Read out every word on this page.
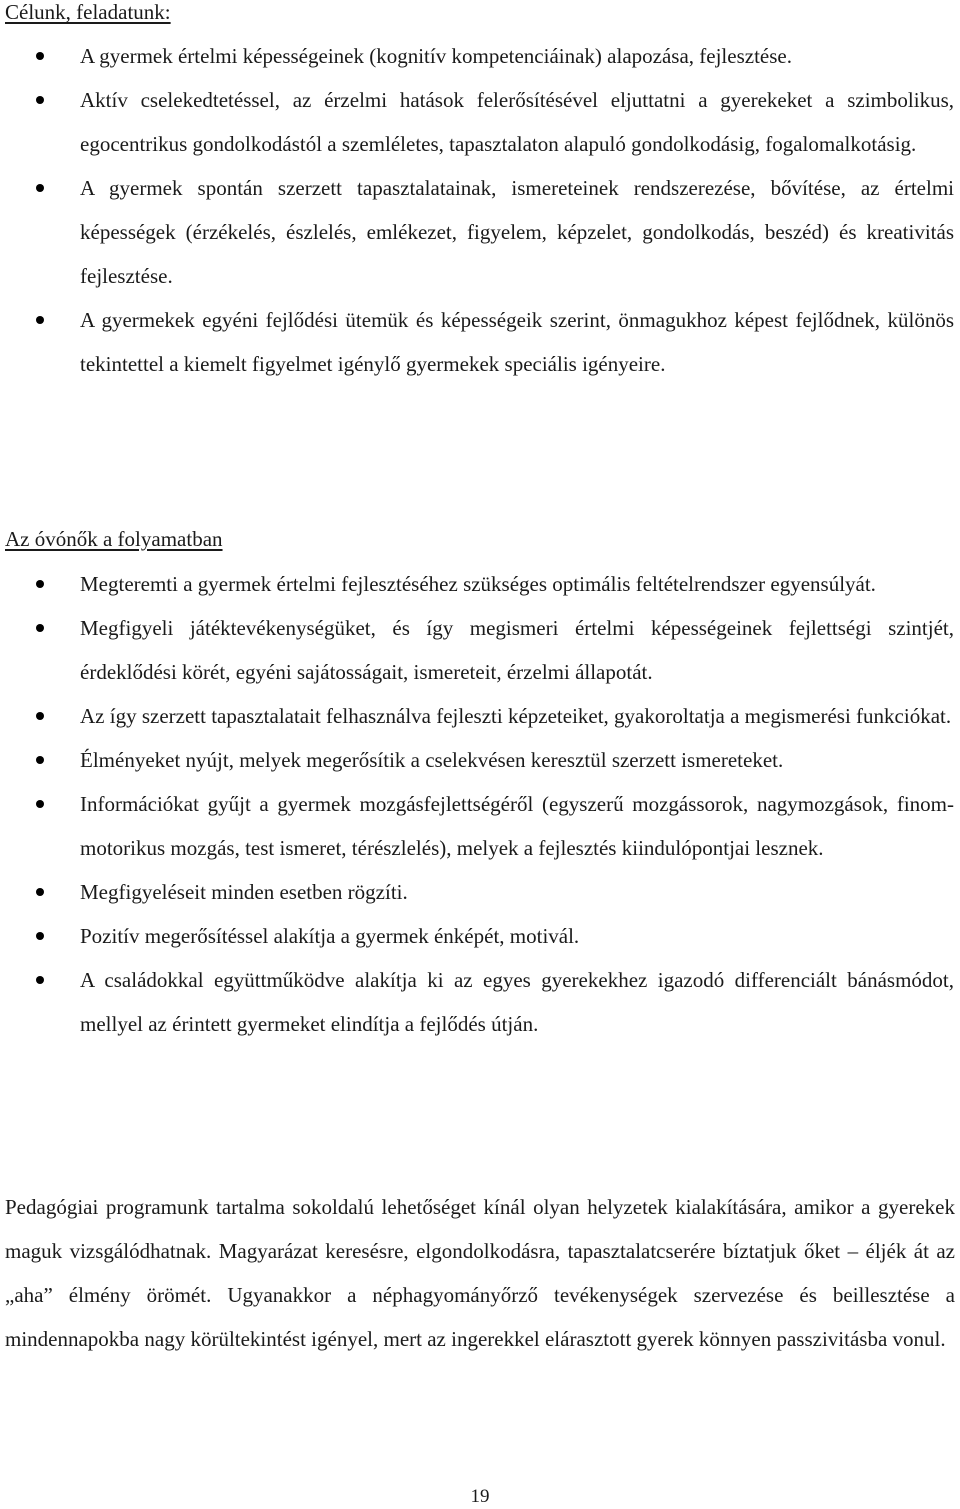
Célunk, feladatunk:
A gyermek értelmi képességeinek (kognitív kompetenciáinak) alapozása, fejlesztése.
Aktív cselekedtetéssel, az érzelmi hatások felerősítésével eljuttatni a gyerekeket a szimbolikus, egocentrikus gondolkodástól a szemléletes, tapasztalaton alapuló gondolkodásig, fogalomalkotásig.
A gyermek spontán szerzett tapasztalatainak, ismereteinek rendszerezése, bővítése, az értelmi képességek (érzékelés, észlelés, emlékezet, figyelem, képzelet, gondolkodás, beszéd) és kreativitás fejlesztése.
A gyermekek egyéni fejlődési ütemük és képességeik szerint, önmagukhoz képest fejlődnek, különös tekintettel a kiemelt figyelmet igénylő gyermekek speciális igényeire.
Az óvónők a folyamatban
Megteremti a gyermek értelmi fejlesztéséhez szükséges optimális feltételrendszer egyensúlyát.
Megfigyeli játéktevékenységüket, és így megismeri értelmi képességeinek fejlettségi szintjét, érdeklődési körét, egyéni sajátosságait, ismereteit, érzelmi állapotát.
Az így szerzett tapasztalatait felhasználva fejleszti képzeteiket, gyakoroltatja a megismerési funkciókat.
Élményeket nyújt, melyek megerősítik a cselekvésen keresztül szerzett ismereteket.
Információkat gyűjt a gyermek mozgásfejlettségéről (egyszerű mozgássorok, nagymozgások, finom-motorikus mozgás, test ismeret, térészlelés), melyek a fejlesztés kiindulópontjai lesznek.
Megfigyeléseit minden esetben rögzíti.
Pozitív megerősítéssel alakítja a gyermek énképét, motivál.
A családokkal együttműködve alakítja ki az egyes gyerekekhez igazodó differenciált bánásmódot, mellyel az érintett gyermeket elindítja a fejlődés útján.

Pedagógiai programunk tartalma sokoldalú lehetőséget kínál olyan helyzetek kialakítására, amikor a gyerekek maguk vizsgálódhatnak. Magyarázat keresésre, elgondolkodásra, tapasztalatcserére bíztatjuk őket – éljék át az „aha” élmény örömét. Ugyanakkor a néphagyományőrző tevékenységek szervezése és beillesztése a mindennapokba nagy körültekintést igényel, mert az ingerekkel elárasztott gyerek könnyen passzivitásba vonul.

19
